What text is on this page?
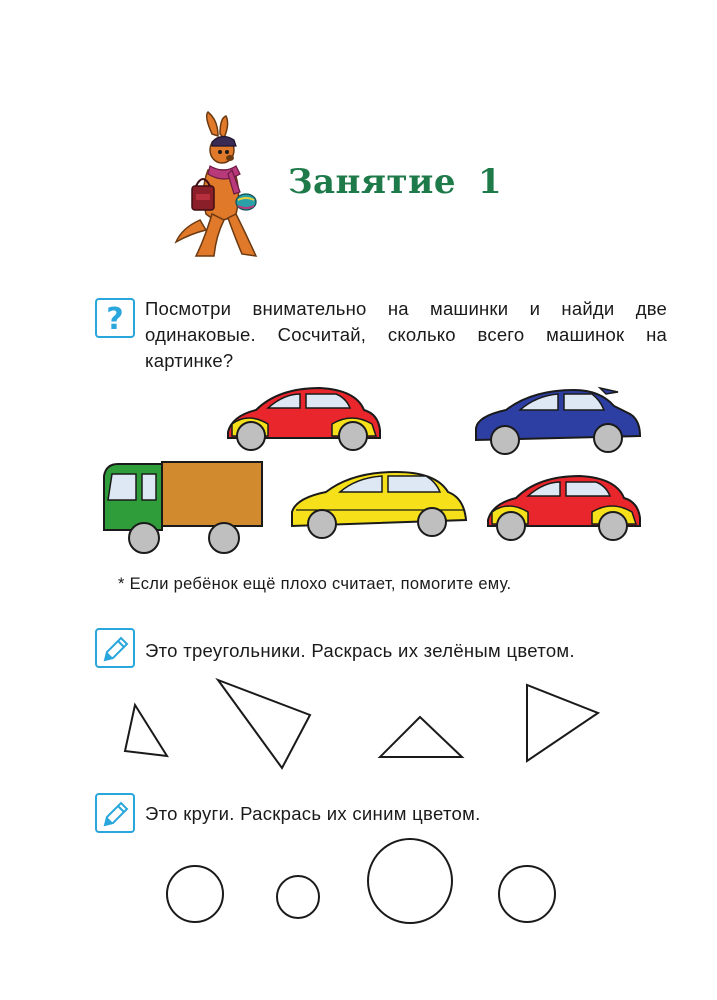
Занятие 1
? Посмотри внимательно на машинки и найди две одинаковые. Сосчитай, сколько всего машинок на картинке?
* Если ребёнок ещё плохо считает, помогите ему.
Это треугольники. Раскрась их зелёным цветом.
Это круги. Раскрась их синим цветом.
